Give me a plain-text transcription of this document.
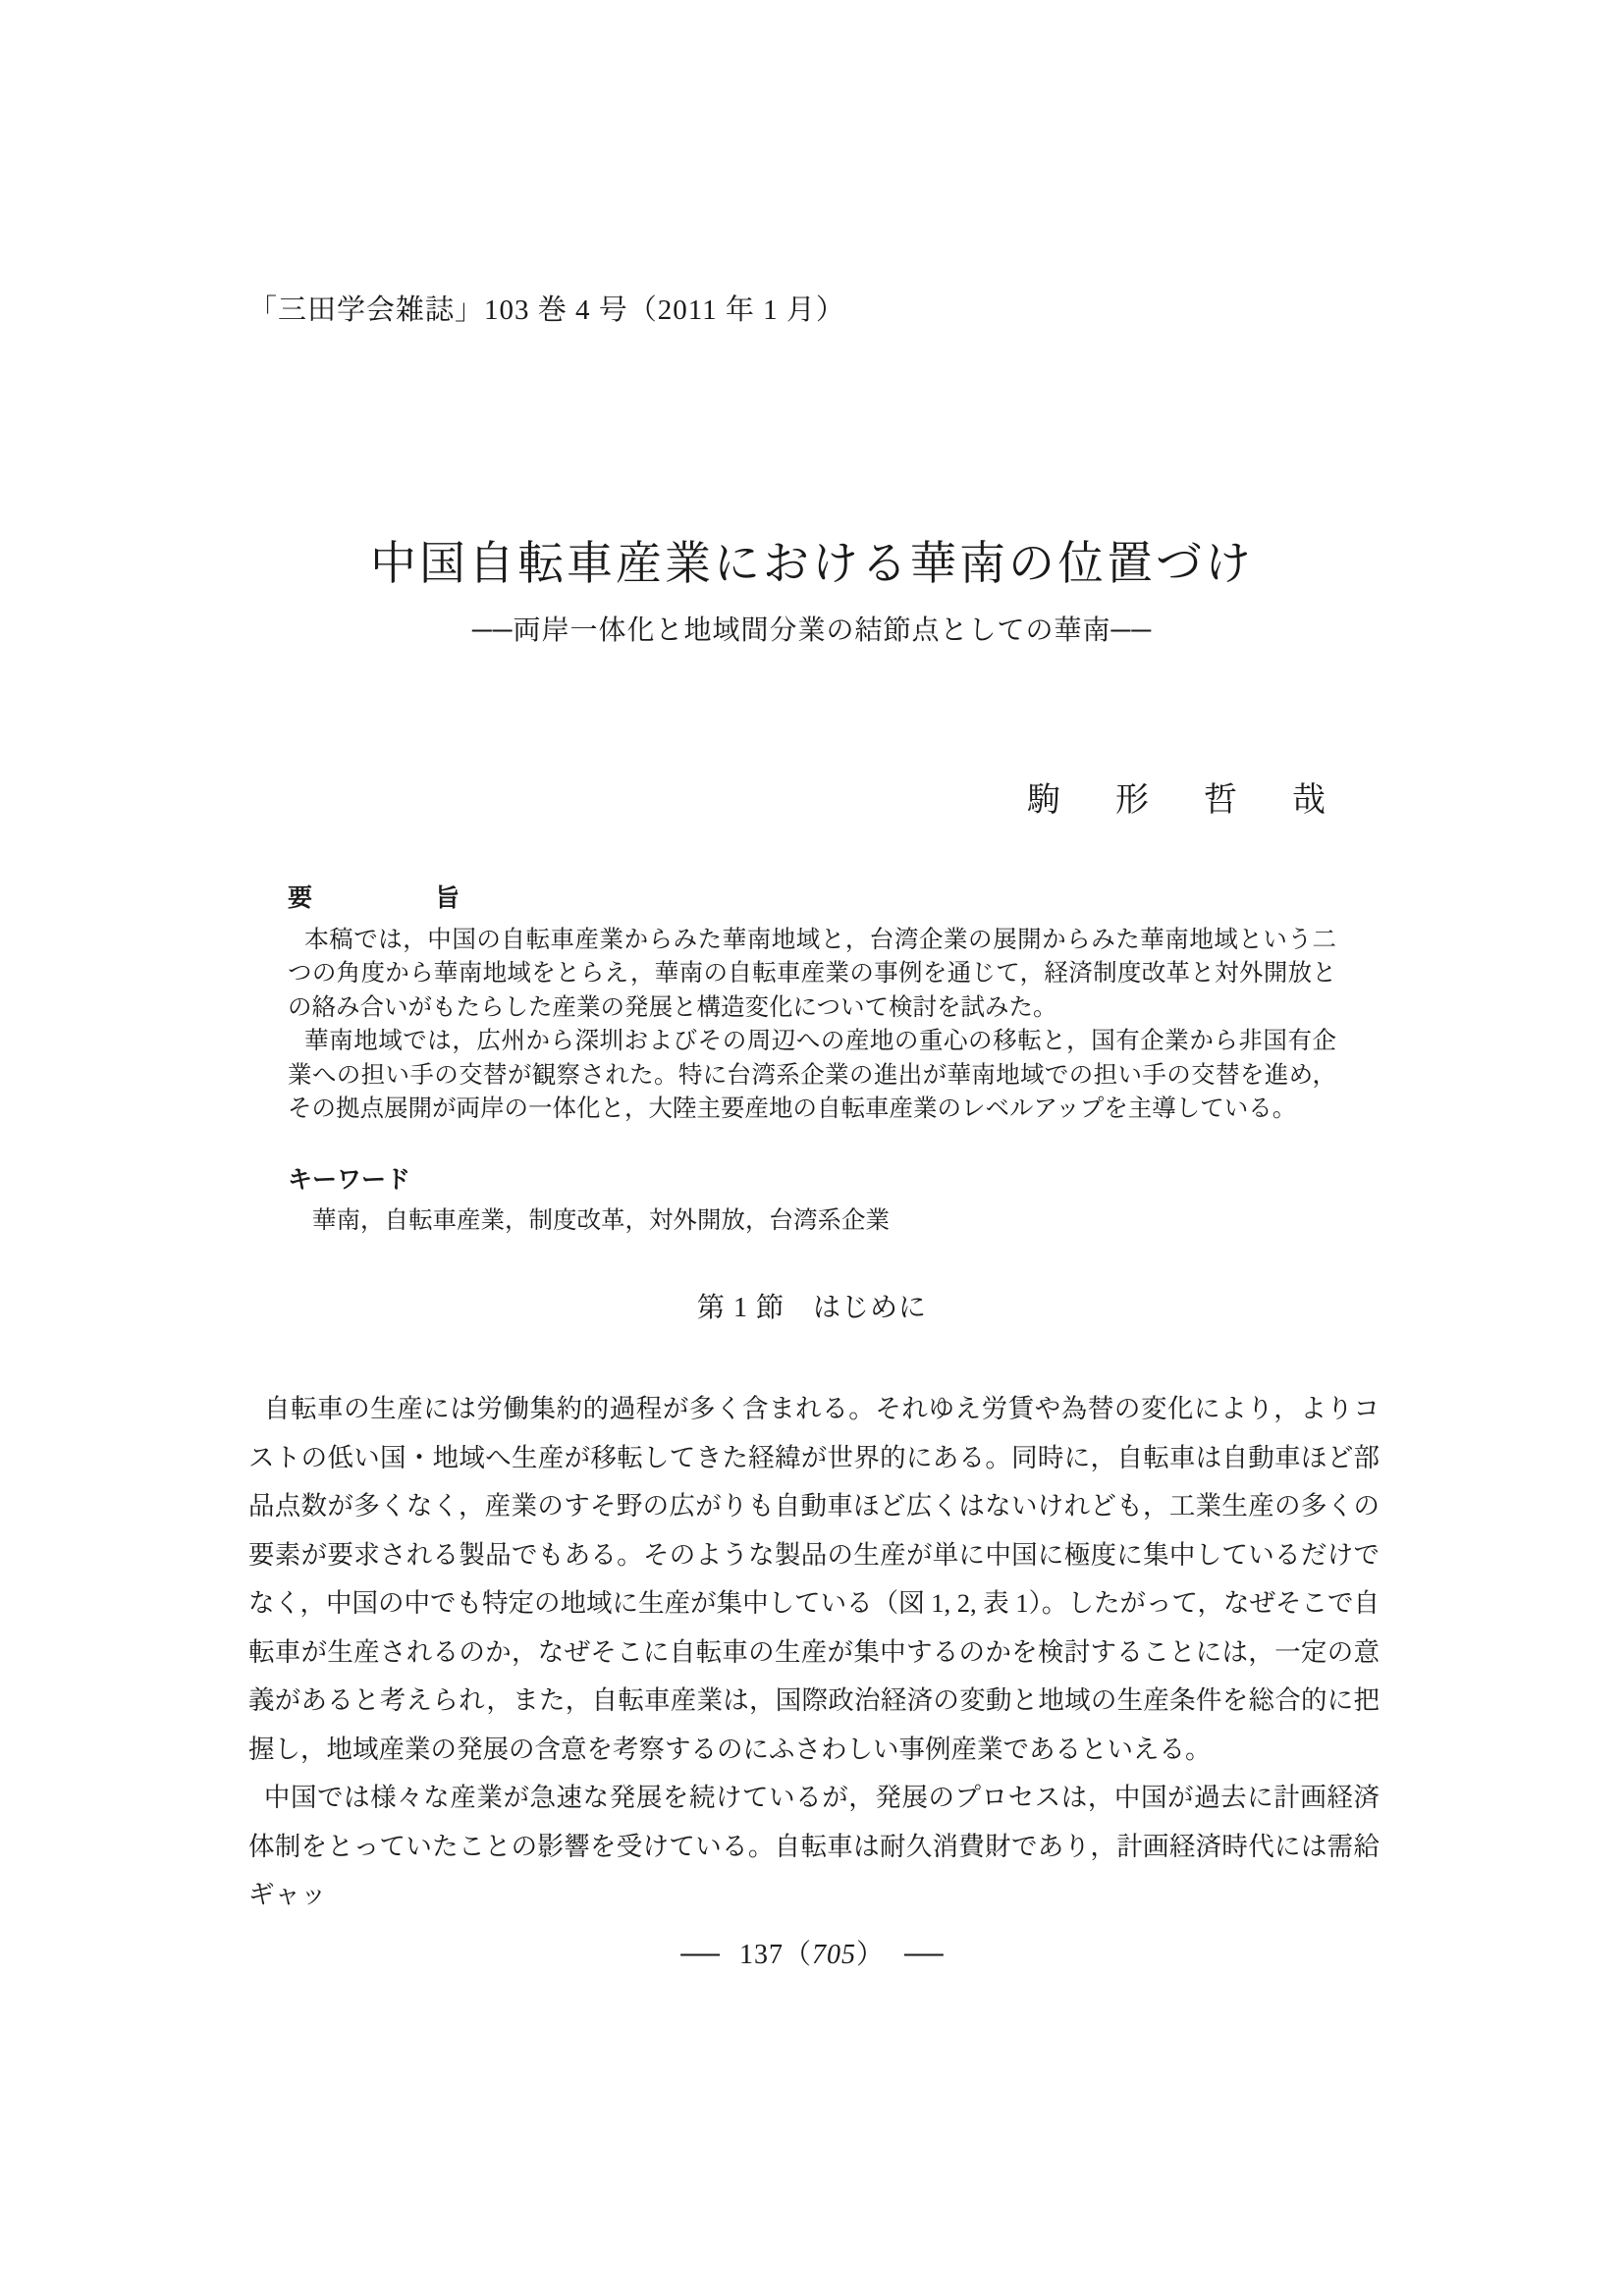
「三田学会雑誌」103 巻 4 号（2011 年 1 月）
中国自転車産業における華南の位置づけ
──両岸一体化と地域間分業の結節点としての華南──
駒　形　哲　哉
要　　　　　旨

本稿では，中国の自転車産業からみた華南地域と，台湾企業の展開からみた華南地域という二つの角度から華南地域をとらえ，華南の自転車産業の事例を通じて，経済制度改革と対外開放との絡み合いがもたらした産業の発展と構造変化について検討を試みた。

華南地域では，広州から深圳およびその周辺への産地の重心の移転と，国有企業から非国有企業への担い手の交替が観察された。特に台湾系企業の進出が華南地域での担い手の交替を進め，その拠点展開が両岸の一体化と，大陸主要産地の自転車産業のレベルアップを主導している。

キーワード
華南，自転車産業，制度改革，対外開放，台湾系企業
第 1 節　はじめに

自転車の生産には労働集約的過程が多く含まれる。それゆえ労賃や為替の変化により，よりコストの低い国・地域へ生産が移転してきた経緯が世界的にある。同時に，自転車は自動車ほど部品点数が多くなく，産業のすそ野の広がりも自動車ほど広くはないけれども，工業生産の多くの要素が要求される製品でもある。そのような製品の生産が単に中国に極度に集中しているだけでなく，中国の中でも特定の地域に生産が集中している（図 1, 2, 表 1）。したがって，なぜそこで自転車が生産されるのか，なぜそこに自転車の生産が集中するのかを検討することには，一定の意義があると考えられ，また，自転車産業は，国際政治経済の変動と地域の生産条件を総合的に把握し，地域産業の発展の含意を考察するのにふさわしい事例産業であるといえる。

中国では様々な産業が急速な発展を続けているが，発展のプロセスは，中国が過去に計画経済体制をとっていたことの影響を受けている。自転車は耐久消費財であり，計画経済時代には需給ギャッ

── 137（705） ──
